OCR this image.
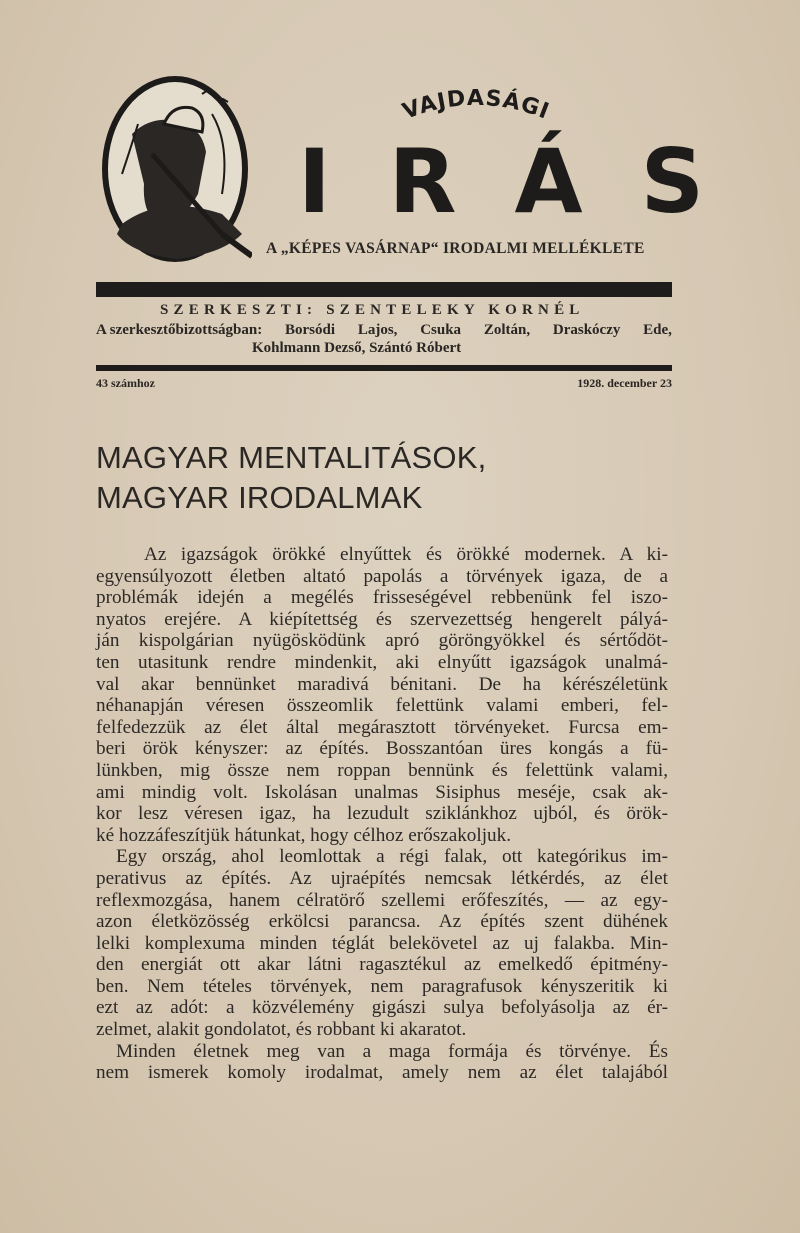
VAJDASÁGI
IRÁS
A „KÉPES VASÁRNAP“ IRODALMI MELLÉKLETE
SZERKESZTI: SZENTELEKY KORNÉL
A szerkesztőbizottságban: Borsódi Lajos, Csuka Zoltán, Draskóczy Ede,
Kohlmann Dezső, Szántó Róbert
43 számhoz	1928. december 23
MAGYAR MENTALITÁSOK,
MAGYAR IRODALMAK

Az igazságok örökké elnyűttek és örökké modernek. A ki-
egyensúlyozott életben altató papolás a törvények igaza, de a
problémák idején a megélés frisseségével rebbenünk fel iszo-
nyatos erejére. A kiépítettség és szervezettség hengerelt pályá-
ján kispolgárian nyügösködünk apró göröngyökkel és sértődöt-
ten utasitunk rendre mindenkit, aki elnyűtt igazságok unalmá-
val akar bennünket maradivá bénitani. De ha kérészéletünk
néhanapján véresen összeomlik felettünk valami emberi, fel-
felfedezzük az élet által megárasztott törvényeket. Furcsa em-
beri örök kényszer: az építés. Bosszantóan üres kongás a fü-
lünkben, mig össze nem roppan bennünk és felettünk valami,
ami mindig volt. Iskolásan unalmas Sisiphus meséje, csak ak-
kor lesz véresen igaz, ha lezudult sziklánkhoz ujból, és örök-
ké hozzáfeszítjük hátunkat, hogy célhoz erőszakoljuk.

Egy ország, ahol leomlottak a régi falak, ott kategórikus im-
perativus az építés. Az ujraépítés nemcsak létkérdés, az élet
reflexmozgása, hanem célratörő szellemi erőfeszítés, — az egy-
azon életközösség erkölcsi parancsa. Az építés szent dühének
lelki komplexuma minden téglát belekövetel az uj falakba. Min-
den energiát ott akar látni ragasztékul az emelkedő épitmény-
ben. Nem tételes törvények, nem paragrafusok kényszeritik ki
ezt az adót: a közvélemény gigászi sulya befolyásolja az ér-
zelmet, alakit gondolatot, és robbant ki akaratot.

Minden életnek meg van a maga formája és törvénye. És
nem ismerek komoly irodalmat, amely nem az élet talajából
